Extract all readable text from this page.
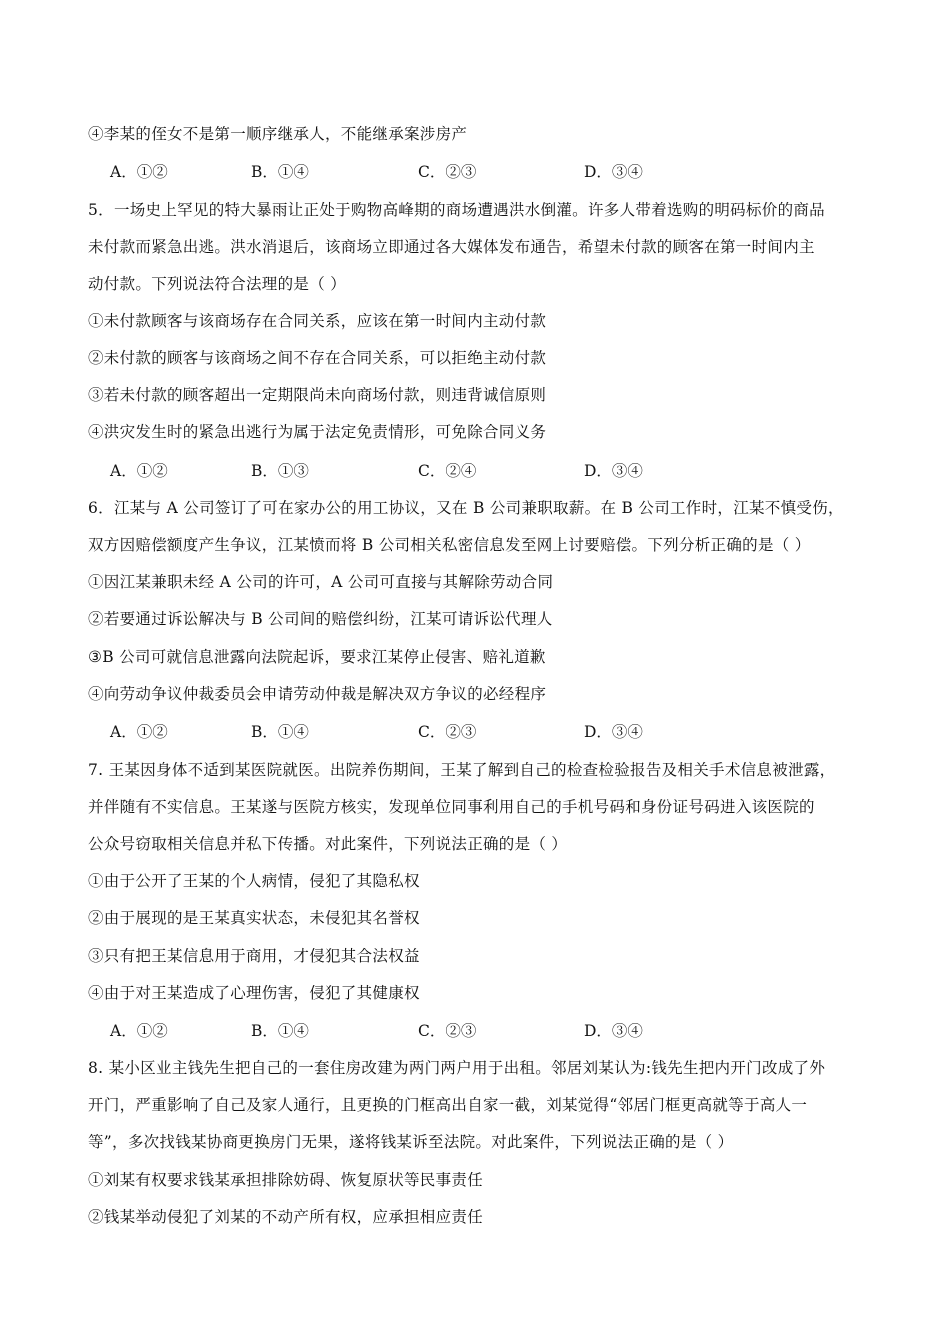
④李某的侄女不是第一顺序继承人，不能继承案涉房产
A．①②	B．①④	C．②③	D．③④
5．一场史上罕见的特大暴雨让正处于购物高峰期的商场遭遇洪水倒灌。许多人带着选购的明码标价的商品
未付款而紧急出逃。洪水消退后，该商场立即通过各大媒体发布通告，希望未付款的顾客在第一时间内主
动付款。下列说法符合法理的是（ ）
①未付款顾客与该商场存在合同关系，应该在第一时间内主动付款
②未付款的顾客与该商场之间不存在合同关系，可以拒绝主动付款
③若未付款的顾客超出一定期限尚未向商场付款，则违背诚信原则
④洪灾发生时的紧急出逃行为属于法定免责情形，可免除合同义务
A．①②	B．①③	C．②④	D．③④
6．江某与 A 公司签订了可在家办公的用工协议，又在 B 公司兼职取薪。在 B 公司工作时，江某不慎受伤，
双方因赔偿额度产生争议，江某愤而将 B 公司相关私密信息发至网上讨要赔偿。下列分析正确的是（ ）
①因江某兼职未经 A 公司的许可，A 公司可直接与其解除劳动合同
②若要通过诉讼解决与 B 公司间的赔偿纠纷，江某可请诉讼代理人
③B 公司可就信息泄露向法院起诉，要求江某停止侵害、赔礼道歉
④向劳动争议仲裁委员会申请劳动仲裁是解决双方争议的必经程序
A．①②	B．①④	C．②③	D．③④
7. 王某因身体不适到某医院就医。出院养伤期间，王某了解到自己的检查检验报告及相关手术信息被泄露，
并伴随有不实信息。王某遂与医院方核实，发现单位同事利用自己的手机号码和身份证号码进入该医院的
公众号窃取相关信息并私下传播。对此案件，下列说法正确的是（ ）
①由于公开了王某的个人病情，侵犯了其隐私权
②由于展现的是王某真实状态，未侵犯其名誉权
③只有把王某信息用于商用，才侵犯其合法权益
④由于对王某造成了心理伤害，侵犯了其健康权
A．①②	B．①④	C．②③	D．③④
8. 某小区业主钱先生把自己的一套住房改建为两门两户用于出租。邻居刘某认为:钱先生把内开门改成了外
开门，严重影响了自己及家人通行，且更换的门框高出自家一截，刘某觉得“邻居门框更高就等于高人一
等”，多次找钱某协商更换房门无果，遂将钱某诉至法院。对此案件，下列说法正确的是（ ）
①刘某有权要求钱某承担排除妨碍、恢复原状等民事责任
②钱某举动侵犯了刘某的不动产所有权，应承担相应责任
